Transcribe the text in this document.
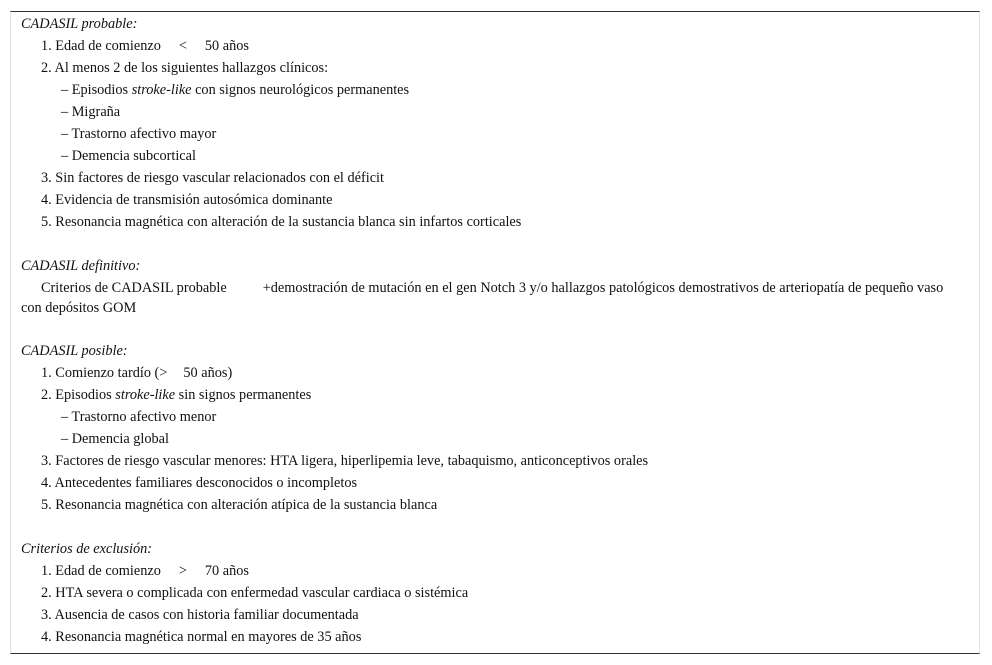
CADASIL probable:
1. Edad de comienzo < 50 años
2. Al menos 2 de los siguientes hallazgos clínicos:
– Episodios stroke-like con signos neurológicos permanentes
– Migraña
– Trastorno afectivo mayor
– Demencia subcortical
3. Sin factores de riesgo vascular relacionados con el déficit
4. Evidencia de transmisión autosómica dominante
5. Resonancia magnética con alteración de la sustancia blanca sin infartos corticales
CADASIL definitivo:
Criterios de CADASIL probable	+demostración de mutación en el gen Notch 3 y/o hallazgos patológicos demostrativos de arteriopatía de pequeño vaso con depósitos GOM
CADASIL posible:
1. Comienzo tardío (> 50 años)
2. Episodios stroke-like sin signos permanentes
– Trastorno afectivo menor
– Demencia global
3. Factores de riesgo vascular menores: HTA ligera, hiperlipemia leve, tabaquismo, anticonceptivos orales
4. Antecedentes familiares desconocidos o incompletos
5. Resonancia magnética con alteración atípica de la sustancia blanca
Criterios de exclusión:
1. Edad de comienzo > 70 años
2. HTA severa o complicada con enfermedad vascular cardiaca o sistémica
3. Ausencia de casos con historia familiar documentada
4. Resonancia magnética normal en mayores de 35 años
